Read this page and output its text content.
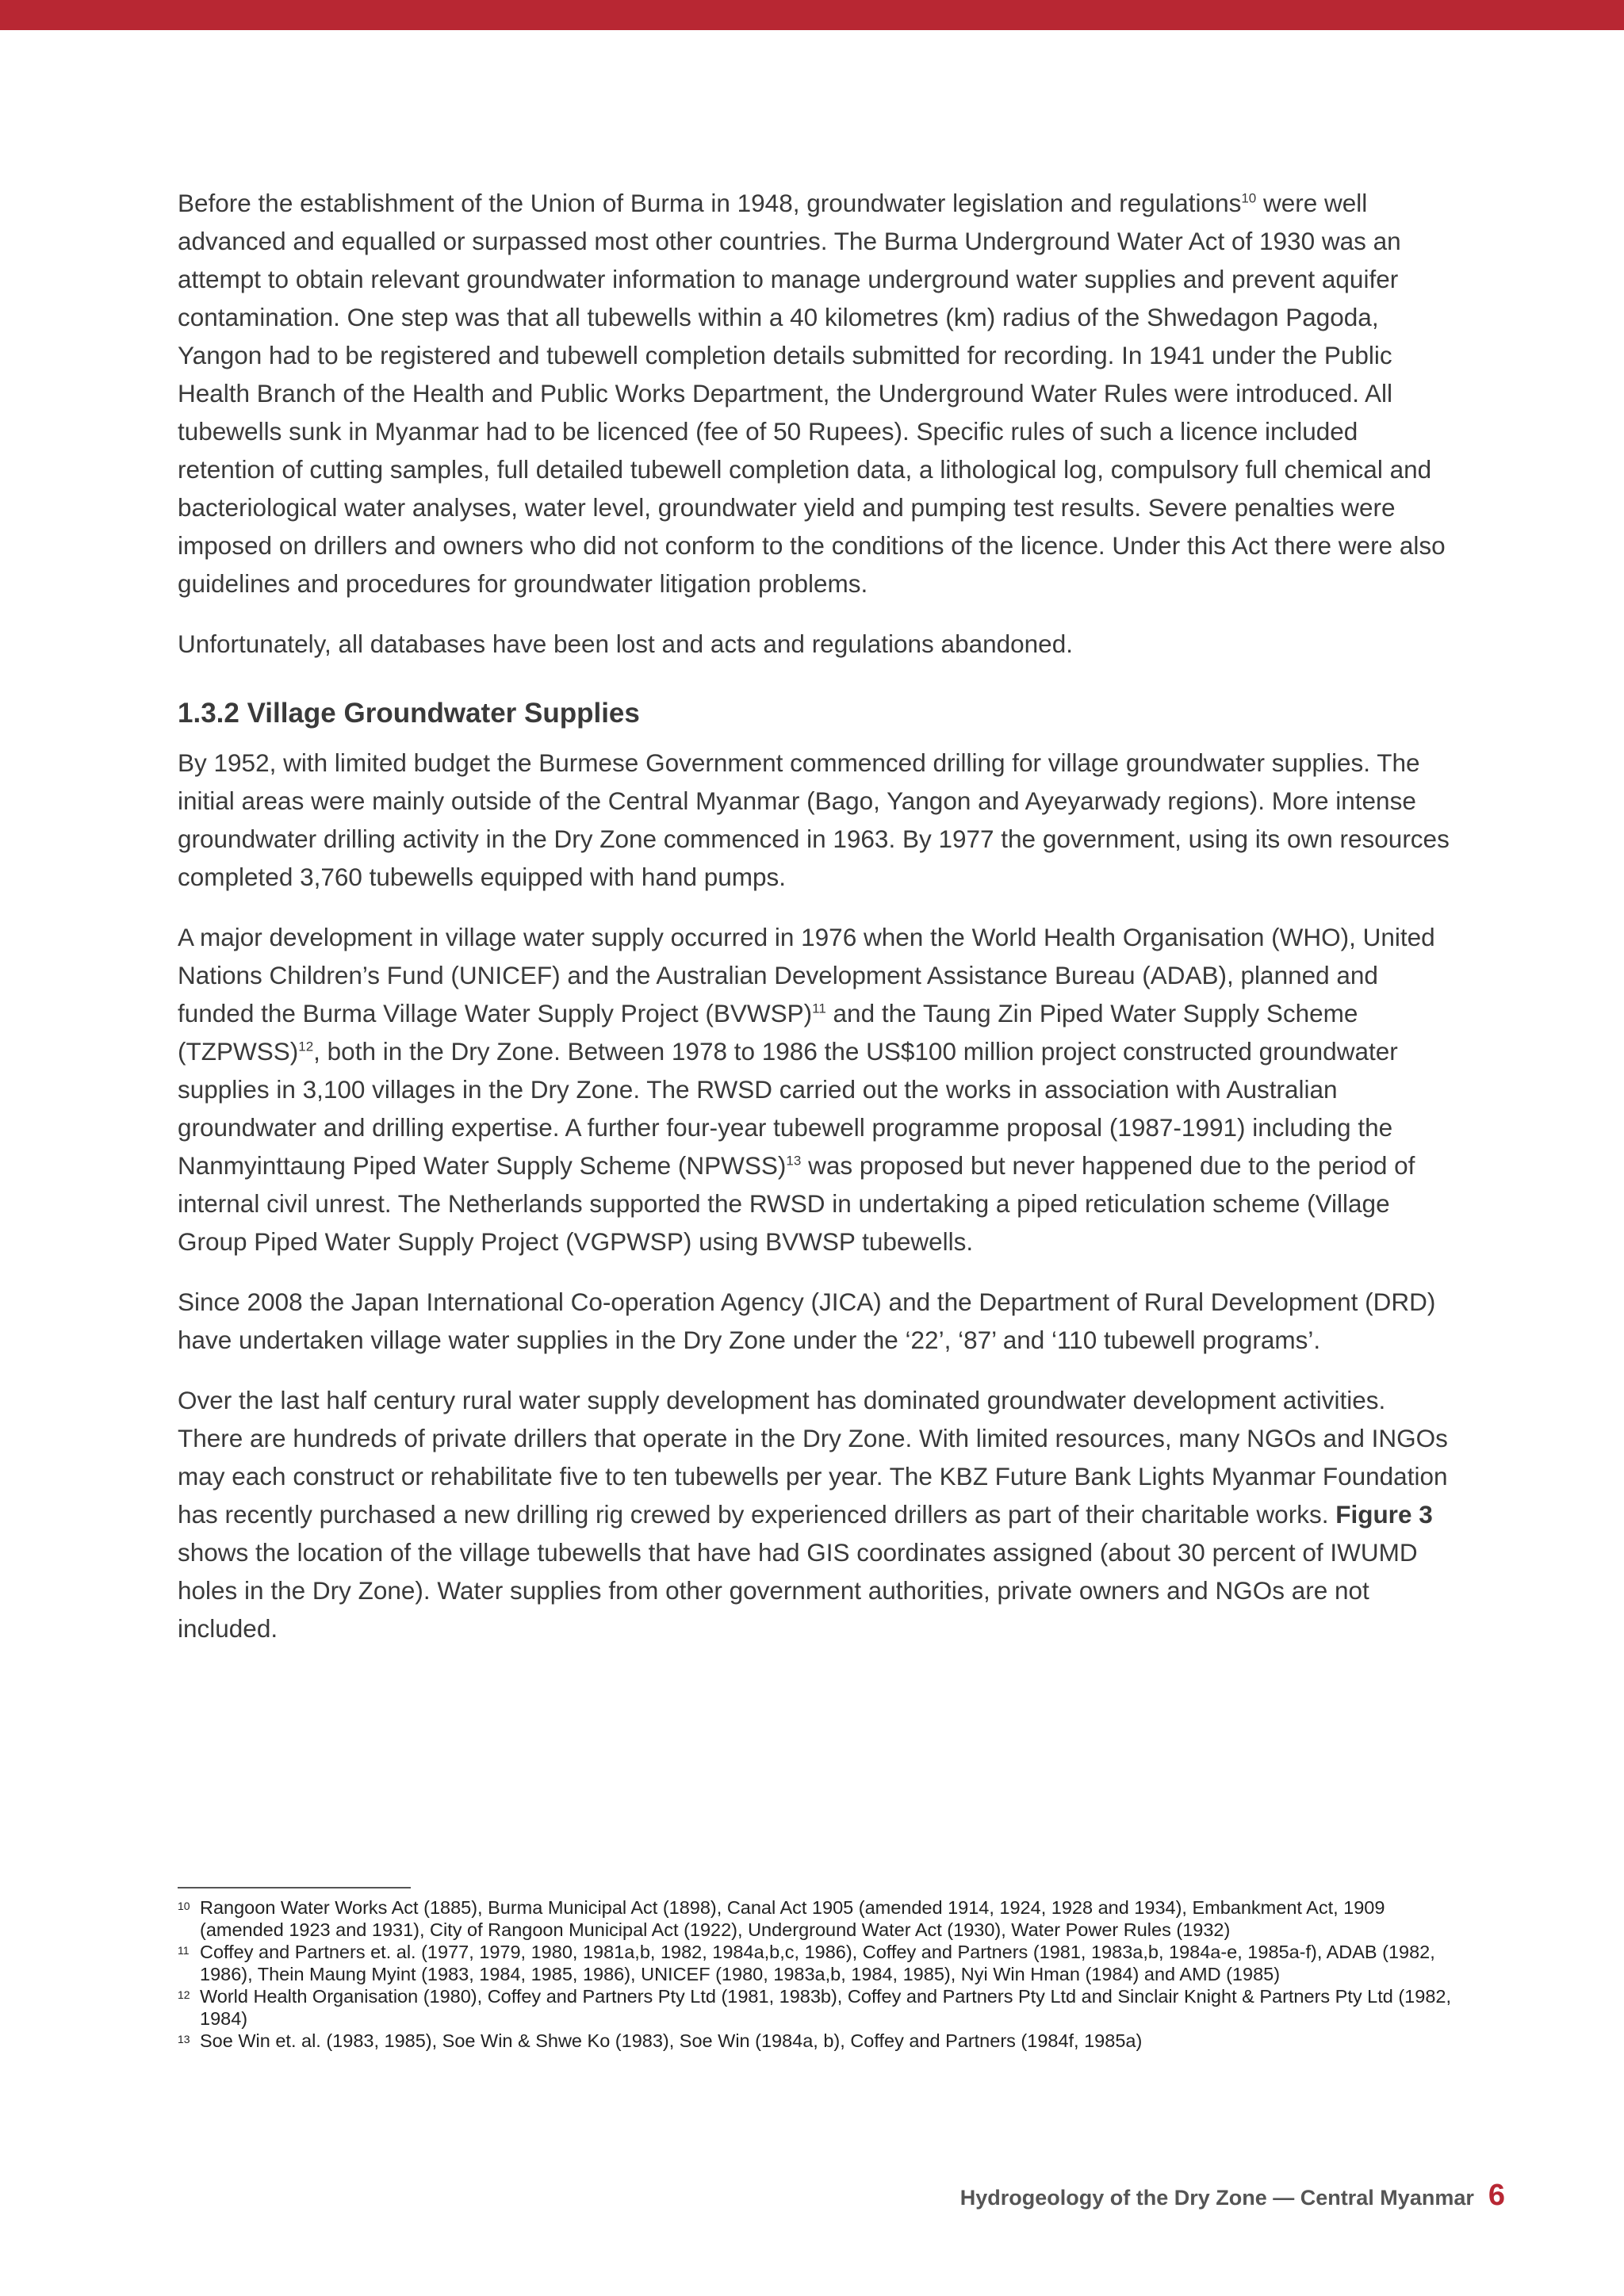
Before the establishment of the Union of Burma in 1948, groundwater legislation and regulations$^{10}$ were well advanced and equalled or surpassed most other countries. The Burma Underground Water Act of 1930 was an attempt to obtain relevant groundwater information to manage underground water supplies and prevent aquifer contamination. One step was that all tubewells within a 40 kilometres (km) radius of the Shwedagon Pagoda, Yangon had to be registered and tubewell completion details submitted for recording. In 1941 under the Public Health Branch of the Health and Public Works Department, the Underground Water Rules were introduced. All tubewells sunk in Myanmar had to be licenced (fee of 50 Rupees). Specific rules of such a licence included retention of cutting samples, full detailed tubewell completion data, a lithological log, compulsory full chemical and bacteriological water analyses, water level, groundwater yield and pumping test results. Severe penalties were imposed on drillers and owners who did not conform to the conditions of the licence. Under this Act there were also guidelines and procedures for groundwater litigation problems.

Unfortunately, all databases have been lost and acts and regulations abandoned.

1.3.2 Village Groundwater Supplies

By 1952, with limited budget the Burmese Government commenced drilling for village groundwater supplies. The initial areas were mainly outside of the Central Myanmar (Bago, Yangon and Ayeyarwady regions). More intense groundwater drilling activity in the Dry Zone commenced in 1963. By 1977 the government, using its own resources completed 3,760 tubewells equipped with hand pumps.

A major development in village water supply occurred in 1976 when the World Health Organisation (WHO), United Nations Children’s Fund (UNICEF) and the Australian Development Assistance Bureau (ADAB), planned and funded the Burma Village Water Supply Project (BVWSP)$^{11}$ and the Taung Zin Piped Water Supply Scheme (TZPWSS)$^{12}$, both in the Dry Zone. Between 1978 to 1986 the US$100 million project constructed groundwater supplies in 3,100 villages in the Dry Zone. The RWSD carried out the works in association with Australian groundwater and drilling expertise. A further four-year tubewell programme proposal (1987-1991) including the Nanmyinttaung Piped Water Supply Scheme (NPWSS)$^{13}$ was proposed but never happened due to the period of internal civil unrest. The Netherlands supported the RWSD in undertaking a piped reticulation scheme (Village Group Piped Water Supply Project (VGPWSP) using BVWSP tubewells.

Since 2008 the Japan International Co-operation Agency (JICA) and the Department of Rural Development (DRD) have undertaken village water supplies in the Dry Zone under the ‘22’, ‘87’ and ‘110 tubewell programs’.

Over the last half century rural water supply development has dominated groundwater development activities. There are hundreds of private drillers that operate in the Dry Zone. With limited resources, many NGOs and INGOs may each construct or rehabilitate five to ten tubewells per year. The KBZ Future Bank Lights Myanmar Foundation has recently purchased a new drilling rig crewed by experienced drillers as part of their charitable works. Figure 3 shows the location of the village tubewells that have had GIS coordinates assigned (about 30 percent of IWUMD holes in the Dry Zone). Water supplies from other government authorities, private owners and NGOs are not included.

10 Rangoon Water Works Act (1885), Burma Municipal Act (1898), Canal Act 1905 (amended 1914, 1924, 1928 and 1934), Embankment Act, 1909 (amended 1923 and 1931), City of Rangoon Municipal Act (1922), Underground Water Act (1930), Water Power Rules (1932)

11 Coffey and Partners et. al. (1977, 1979, 1980, 1981a,b, 1982, 1984a,b,c, 1986), Coffey and Partners (1981, 1983a,b, 1984a-e, 1985a-f), ADAB (1982, 1986), Thein Maung Myint (1983, 1984, 1985, 1986), UNICEF (1980, 1983a,b, 1984, 1985), Nyi Win Hman (1984) and AMD (1985)

12 World Health Organisation (1980), Coffey and Partners Pty Ltd (1981, 1983b), Coffey and Partners Pty Ltd and Sinclair Knight & Partners Pty Ltd (1982, 1984)

13 Soe Win et. al. (1983, 1985), Soe Win & Shwe Ko (1983), Soe Win (1984a, b), Coffey and Partners (1984f, 1985a)

Hydrogeology of the Dry Zone — Central Myanmar 6
